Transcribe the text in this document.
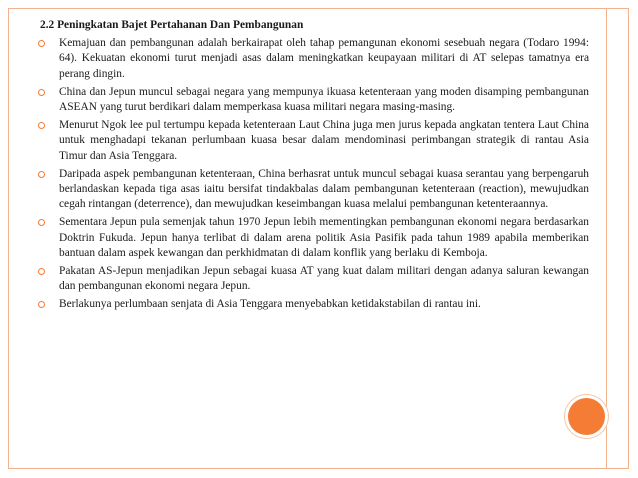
2.2 Peningkatan Bajet Pertahanan Dan Pembangunan
Kemajuan dan pembangunan adalah berkairapat oleh tahap pemangunan ekonomi sesebuah negara (Todaro 1994: 64). Kekuatan ekonomi turut menjadi asas dalam meningkatkan keupayaan militari di AT selepas tamatnya era perang dingin.
China dan Jepun muncul sebagai negara yang mempunya ikuasa ketenteraan yang moden disamping pembangunan ASEAN yang turut berdikari dalam memperkasa kuasa militari negara masing-masing.
Menurut Ngok lee pul tertumpu kepada ketenteraan Laut China juga men jurus kepada angkatan tentera Laut China untuk menghadapi tekanan perlumbaan kuasa besar dalam mendominasi perimbangan strategik di rantau Asia Timur dan Asia Tenggara.
Daripada aspek pembangunan ketenteraan, China berhasrat untuk muncul sebagai kuasa serantau yang berpengaruh berlandaskan kepada tiga asas iaitu bersifat tindakbalas dalam pembangunan ketenteraan (reaction), mewujudkan cegah rintangan (deterrence), dan mewujudkan keseimbangan kuasa melalui pembangunan ketenteraannya.
Sementara Jepun pula semenjak tahun 1970 Jepun lebih mementingkan pembangunan ekonomi negara berdasarkan Doktrin Fukuda. Jepun hanya terlibat di dalam arena politik Asia Pasifik pada tahun 1989 apabila memberikan bantuan dalam aspek kewangan dan perkhidmatan di dalam konflik yang berlaku di Kemboja.
Pakatan AS-Jepun menjadikan Jepun sebagai kuasa AT yang kuat dalam militari dengan adanya saluran kewangan dan pembangunan ekonomi negara Jepun.
Berlakunya perlumbaan senjata di Asia Tenggara menyebabkan ketidakstabilan di rantau ini.
